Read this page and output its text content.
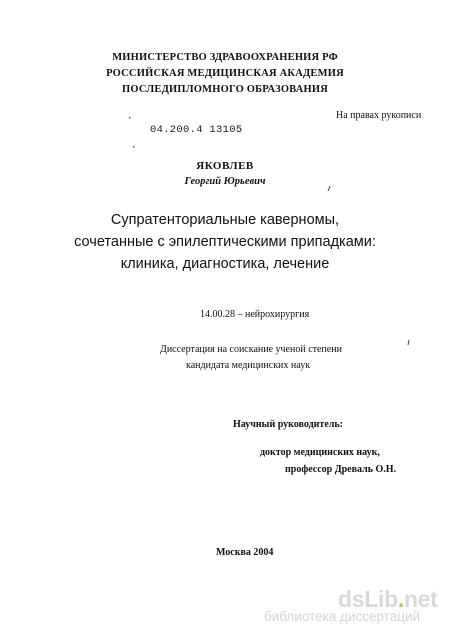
МИНИСТЕРСТВО ЗДРАВООХРАНЕНИЯ РФ
РОССИЙСКАЯ МЕДИЦИНСКАЯ АКАДЕМИЯ
ПОСЛЕДИПЛОМНОГО ОБРАЗОВАНИЯ
На правах рукописи
04.200.4 13105
ЯКОВЛЕВ
Георгий Юрьевич
Супратенториальные каверномы,
сочетанные с эпилептическими припадками:
клиника, диагностика, лечение
14.00.28 – нейрохирургия
Диссертация на соискание ученой степени
кандидата медицинских наук
Научный руководитель:
доктор медицинских наук,
профессор Древаль О.Н.
Москва 2004
dsLib.net
библиотека диссертаций
